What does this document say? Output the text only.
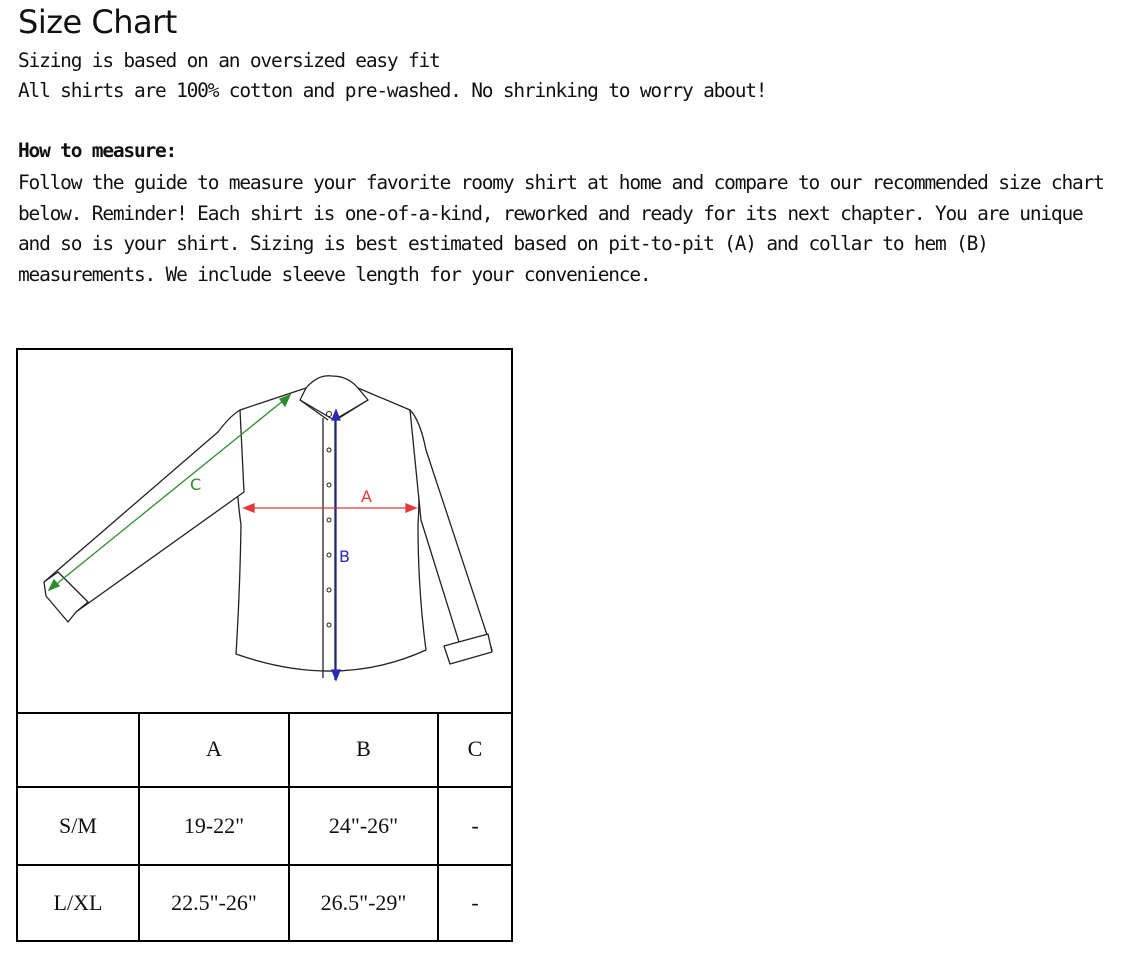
Size Chart

Sizing is based on an oversized easy fit

All shirts are 100% cotton and pre-washed. No shrinking to worry about!

How to measure:

Follow the guide to measure your favorite roomy shirt at home and compare to our recommended size chart below. Reminder! Each shirt is one-of-a-kind, reworked and ready for its next chapter. You are unique and so is your shirt. Sizing is best estimated based on pit-to-pit (A) and collar to hem (B) measurements. We include sleeve length for your convenience.

A
B
C
	A	B	C
S/M	19-22"	24"-26"	-
L/XL	22.5"-26"	26.5"-29"	-
